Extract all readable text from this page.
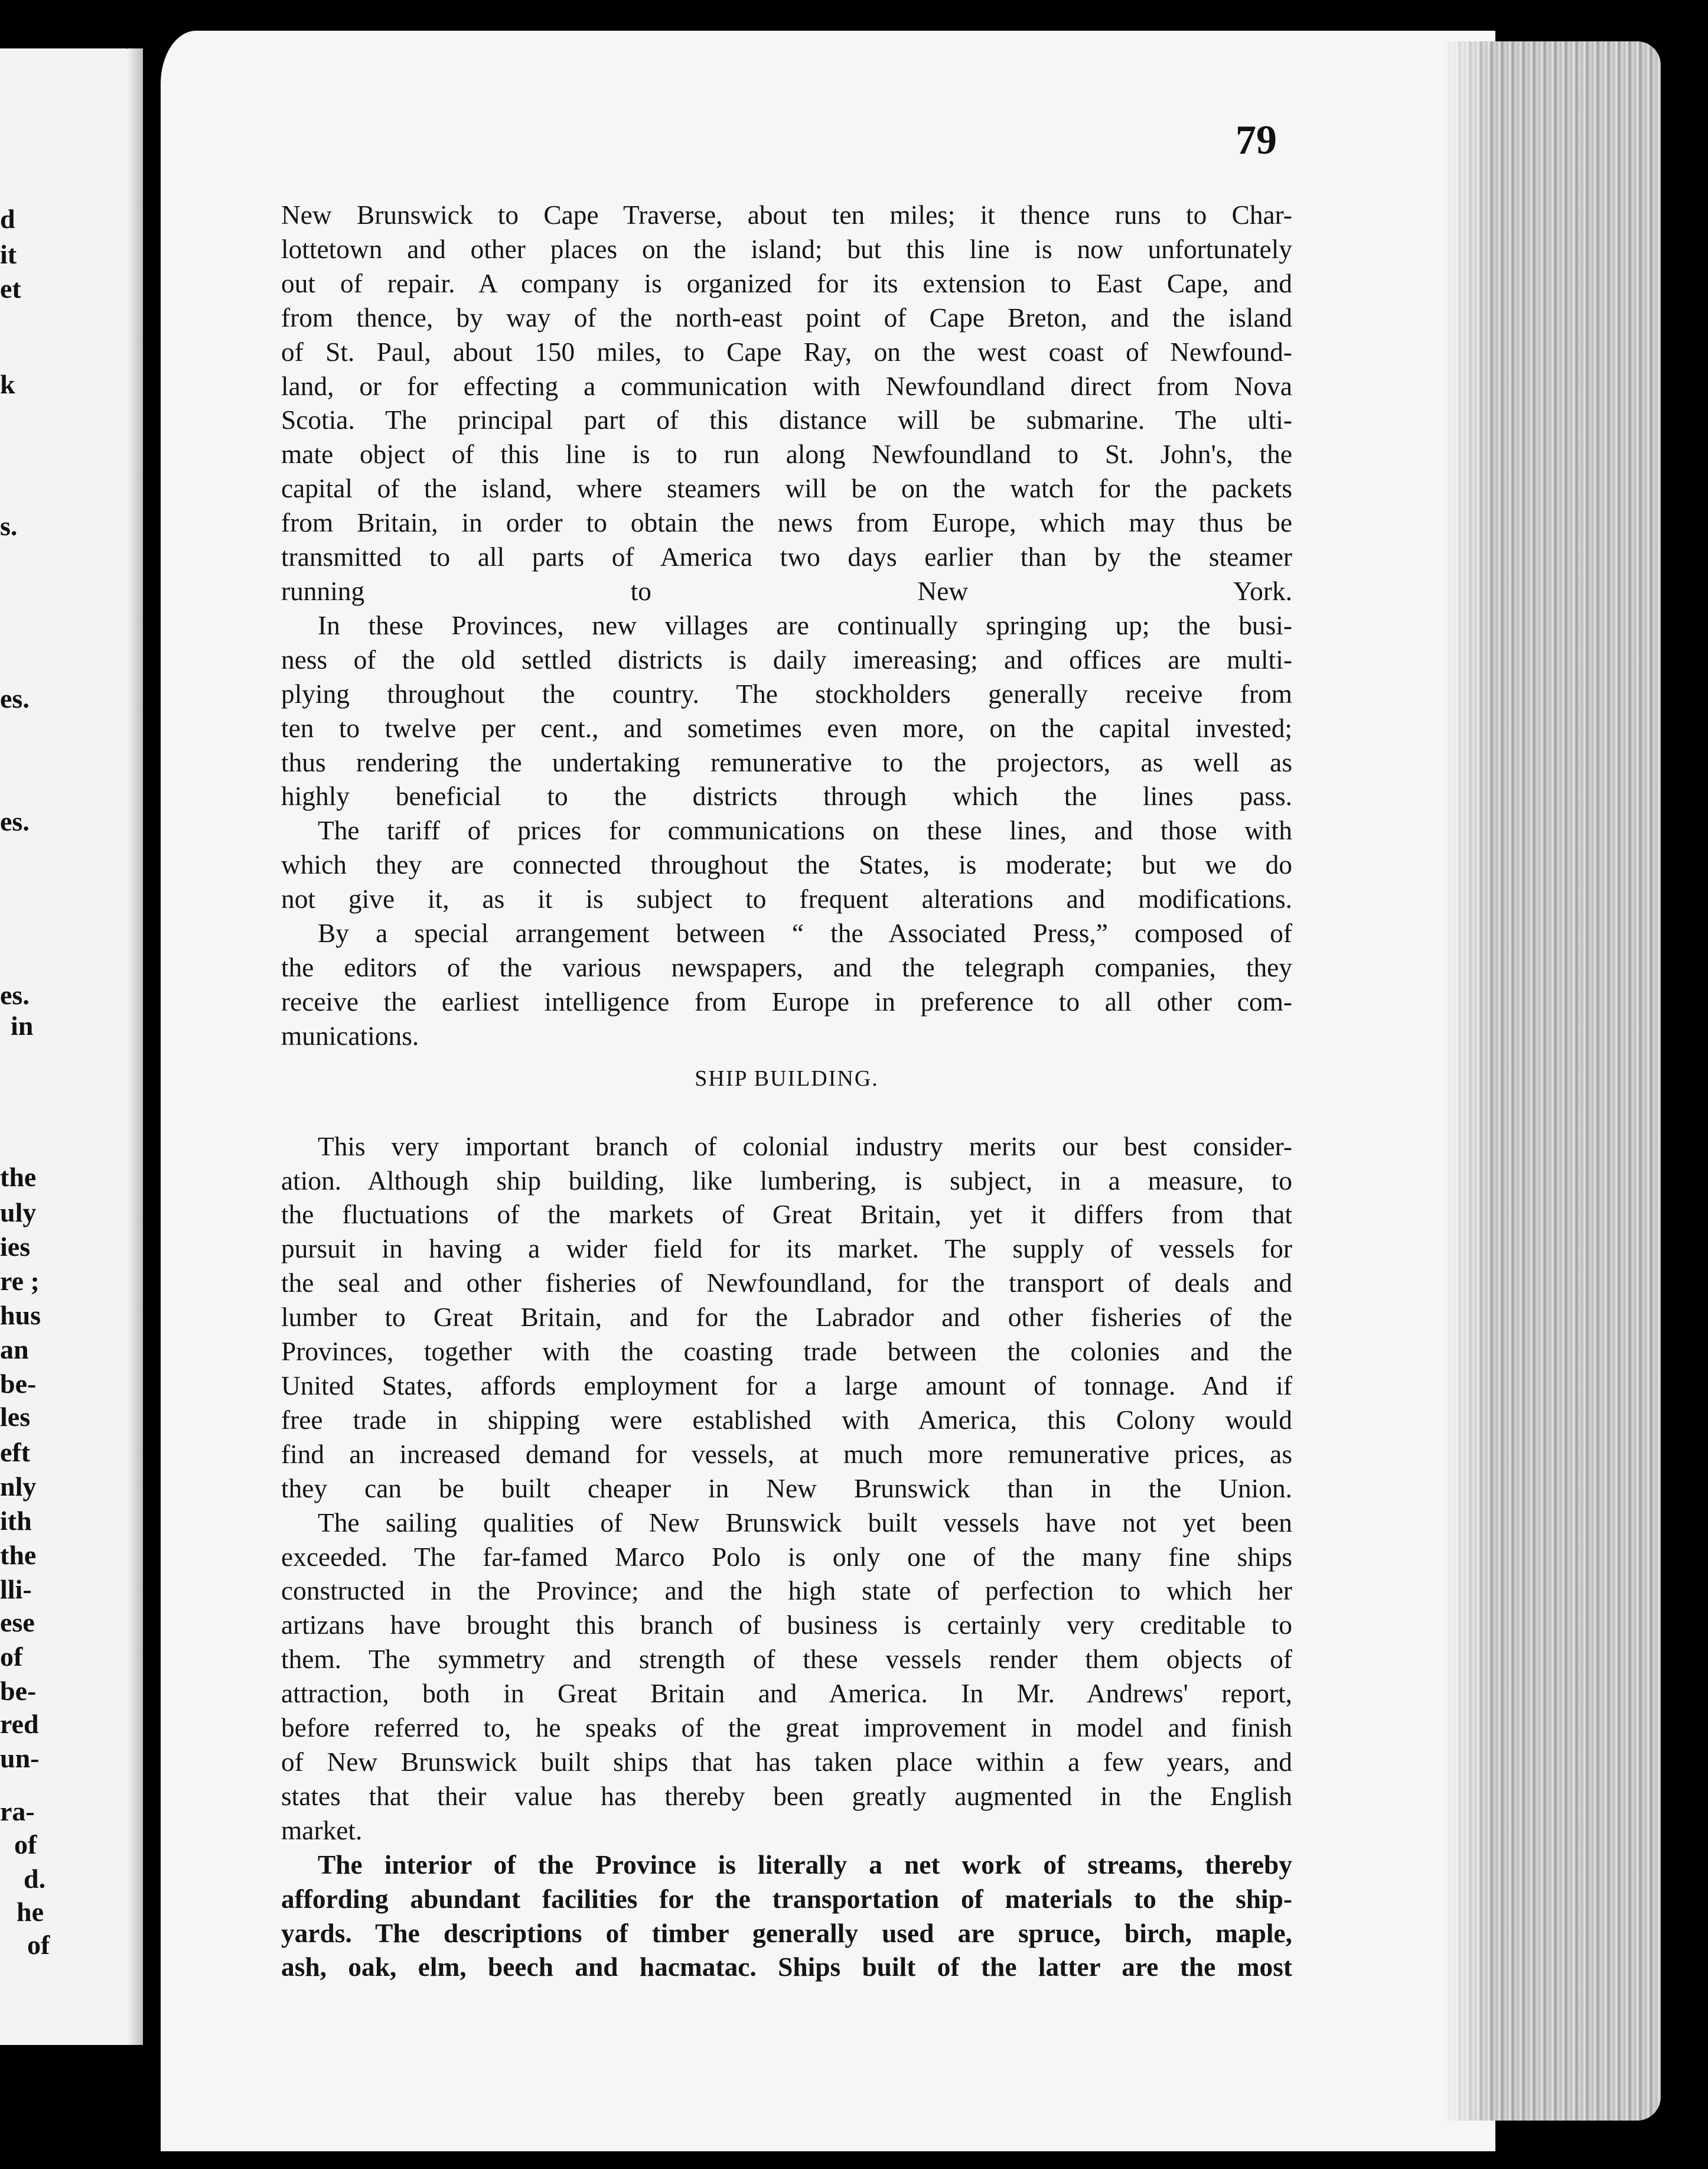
d
it
et
k
s.
es.
es.
es.
in
the
uly
ies
re ;
hus
an
be-
les
eft
nly
ith
the
lli-
ese
of
be-
red
un-
ra-
of
d.
he
of
79
New Brunswick to Cape Traverse, about ten miles; it thence runs to Char-
lottetown and other places on the island; but this line is now unfortunately
out of repair. A company is organized for its extension to East Cape, and
from thence, by way of the north-east point of Cape Breton, and the island
of St. Paul, about 150 miles, to Cape Ray, on the west coast of Newfound-
land, or for effecting a communication with Newfoundland direct from Nova
Scotia. The principal part of this distance will be submarine. The ulti-
mate object of this line is to run along Newfoundland to St. John's, the
capital of the island, where steamers will be on the watch for the packets
from Britain, in order to obtain the news from Europe, which may thus be
transmitted to all parts of America two days earlier than by the steamer
running to New York.
In these Provinces, new villages are continually springing up; the busi-
ness of the old settled districts is daily imereasing; and offices are multi-
plying throughout the country. The stockholders generally receive from
ten to twelve per cent., and sometimes even more, on the capital invested;
thus rendering the undertaking remunerative to the projectors, as well as
highly beneficial to the districts through which the lines pass.
The tariff of prices for communications on these lines, and those with
which they are connected throughout the States, is moderate; but we do
not give it, as it is subject to frequent alterations and modifications.
By a special arrangement between “ the Associated Press,” composed of
the editors of the various newspapers, and the telegraph companies, they
receive the earliest intelligence from Europe in preference to all other com-
munications.
SHIP BUILDING.
This very important branch of colonial industry merits our best consider-
ation. Although ship building, like lumbering, is subject, in a measure, to
the fluctuations of the markets of Great Britain, yet it differs from that
pursuit in having a wider field for its market. The supply of vessels for
the seal and other fisheries of Newfoundland, for the transport of deals and
lumber to Great Britain, and for the Labrador and other fisheries of the
Provinces, together with the coasting trade between the colonies and the
United States, affords employment for a large amount of tonnage. And if
free trade in shipping were established with America, this Colony would
find an increased demand for vessels, at much more remunerative prices, as
they can be built cheaper in New Brunswick than in the Union.
The sailing qualities of New Brunswick built vessels have not yet been
exceeded. The far-famed Marco Polo is only one of the many fine ships
constructed in the Province; and the high state of perfection to which her
artizans have brought this branch of business is certainly very creditable to
them. The symmetry and strength of these vessels render them objects of
attraction, both in Great Britain and America. In Mr. Andrews' report,
before referred to, he speaks of the great improvement in model and finish
of New Brunswick built ships that has taken place within a few years, and
states that their value has thereby been greatly augmented in the English
market.
The interior of the Province is literally a net work of streams, thereby
affording abundant facilities for the transportation of materials to the ship-
yards. The descriptions of timber generally used are spruce, birch, maple,
ash, oak, elm, beech and hacmatac. Ships built of the latter are the most
